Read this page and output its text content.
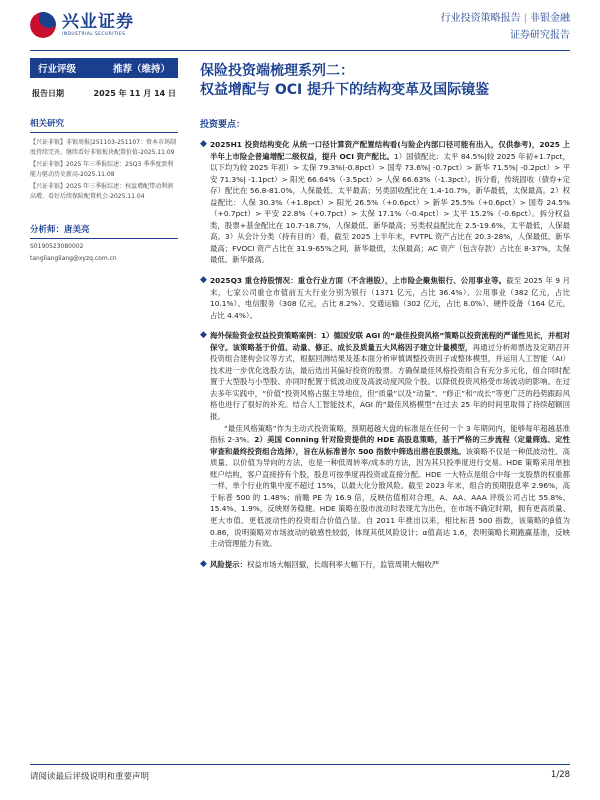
兴业证券
INDUSTRIAL SECURITIES
行业投资策略报告 | 非银金融
证券研究报告
行业评级	推荐（维持）
报告日期	2025 年 11 月 14 日
相关研究
【兴证非银】非银周报|251103-251107：资本市场制度持续完善，继续看好非银板块配置价值-2025.11.09
【兴证非银】2025 年三季报综述：25Q3 季季度盈利能力驱动历史新高-2025.11.08
【兴证非银】2025 年三季报综述：权益增配带动利润高增，看好后续保险配置机会-2025.11.04
分析师：唐美亮
S0190523080002
tangliangliang@xyzq.com.cn
保险投资端梳理系列二：
权益增配与 OCI 提升下的结构变革及国际镜鉴
投资要点：
◆ 2025H1 投资结构变化 从统一口径计算资产配置结构看(与险企内部口径可能有出入，仅供参考)，2025 上半年上市险企普遍增配二级权益，提升 OCI 资产配比。1）国债配比：太平 84.5%|较 2025 年初+1.7pct，以下均为较 2025 年初）> 太保 79.3%(-0.8pct）> 国寿 73.6%| -0.7pct）> 新华 71.5%| -0.2pct）> 平安 71.3%| -1.1pct）> 阳光 66.64%（-3.5pct）> 人保 66.63%（-1.3pct）。拆分看，传统固收（债券+定存）配比在 56.8-81.0%，人保最低、太平最高；另类固收配比在 1.4-10.7%，新华最低，太保最高。2）权益配比：人保 30.3%（+1.8pct）> 阳光 26.5%（+0.6pct）> 新华 25.5%（+0.6pct）> 国寿 24.5%（+0.7pct）> 平安 22.8%（+0.7pct）> 太保 17.1%（-0.4pct）> 太平 15.2%（-0.6pct）。拆分权益类，股票+基金配比在 10.7-18.7%，人保最低、新华最高；另类权益配比在 2.5-19.6%，太平最低，人保最高。3）从会计分类（持有目的）看，截至 2025 上半年末，FVTPL 资产占比在 20.3-28%，人保最低、新华最高；FVOCI 资产占比在 31.9-65%之间，新华最低，太保最高；AC 资产（包含存款）占比在 8-37%，太保最低、新华最高。
◆ 2025Q3 重仓持股情况：重仓行业方面（不含港股），上市险企聚焦银行、公用事业等。截至 2025 年 9 月末，七家公司重仓市值前五大行业分别为银行（1371 亿元，占比 36.4%）、公用事业（382 亿元，占比 10.1%）、电信服务（308 亿元，占比 8.2%）、交通运输（302 亿元，占比 8.0%）、硬件设备（164 亿元，占比 4.4%）。
◆ 海外保险资金权益投资策略案例：1）德国安联 AGI 的“最佳投资风格”策略以投资流程的严谨性见长，并相对保守。该策略基于价值、动量、修正、成长及质量五大风格因子建立计量模型，再通过分析师票选及定期召开投资组合建构会议等方式，根据回测结果及基本面分析审慎调整投资因子或整体模型，并运用人工智能（AI）技术进一步优化选股方法，最后选出其偏好投资的股票。方确保最佳风格投资组合有充分多元化，组合同时配置于大型股与小型股、亦同时配置于低波动度及高波动度风险个股。以降低投资风格受市场波动的影响。在过去多年实践中，“价值”投资风格占据主导地位，但“质量”以及“动量”、“修正”和“成长”等更广泛的趋势跟踪风格也进行了很好的补充。结合人工智能技术，AGI 的“最佳风格模型”在过去 25 年的时间里取得了持续超额回报。
“最佳风格策略”作为主动式投资策略，预期超越大盘的标准是在任何一个 3 年期间内，能够每年超越基准指标 2-3%。2）美国 Conning 针对险资提供的 HDE 高股息策略，基于严格的三步流程（定量筛选、定性审查和最终投资组合选择），旨在从标准普尔 500 指数中筛选出潜在股票池。该策略不仅是一种低波动性、高质量、以价值为导向的方法，也是一种低周转率/成本的方法，因为其只投季度进行交易。HDE 策略采用单独账户结构，客户直接持有个股，股息可按季度再投资或直接分配。HDE 一大特点是组合中每一支股票的权重都一样，单个行业的集中度不超过 15%，以最大化分散风险。截至 2023 年末，组合的预期股息率 2.96%，高于标普 500 的 1.48%；前瞻 PE 为 16.9 倍，反映估值相对合理，A、AA、AAA 评级公司占比 55.8%、15.4%、1.9%，反映财务稳健。HDE 策略在股市波动时表现尤为出色，在市场不确定时期，拥有更高质量、更大市值、更低波动性的投资组合价值凸显。自 2011 年推出以来，相比标普 500 指数，该策略的β值为 0.86，说明策略对市场波动的敏感性较弱，体现其低风险设计；α值高达 1.6，表明策略长期跑赢基准，反映主动管理能力有效。
◆ 风险提示：权益市场大幅回撤，长端利率大幅下行，监管周期大幅收严
请阅读最后评级说明和重要声明	1/28
